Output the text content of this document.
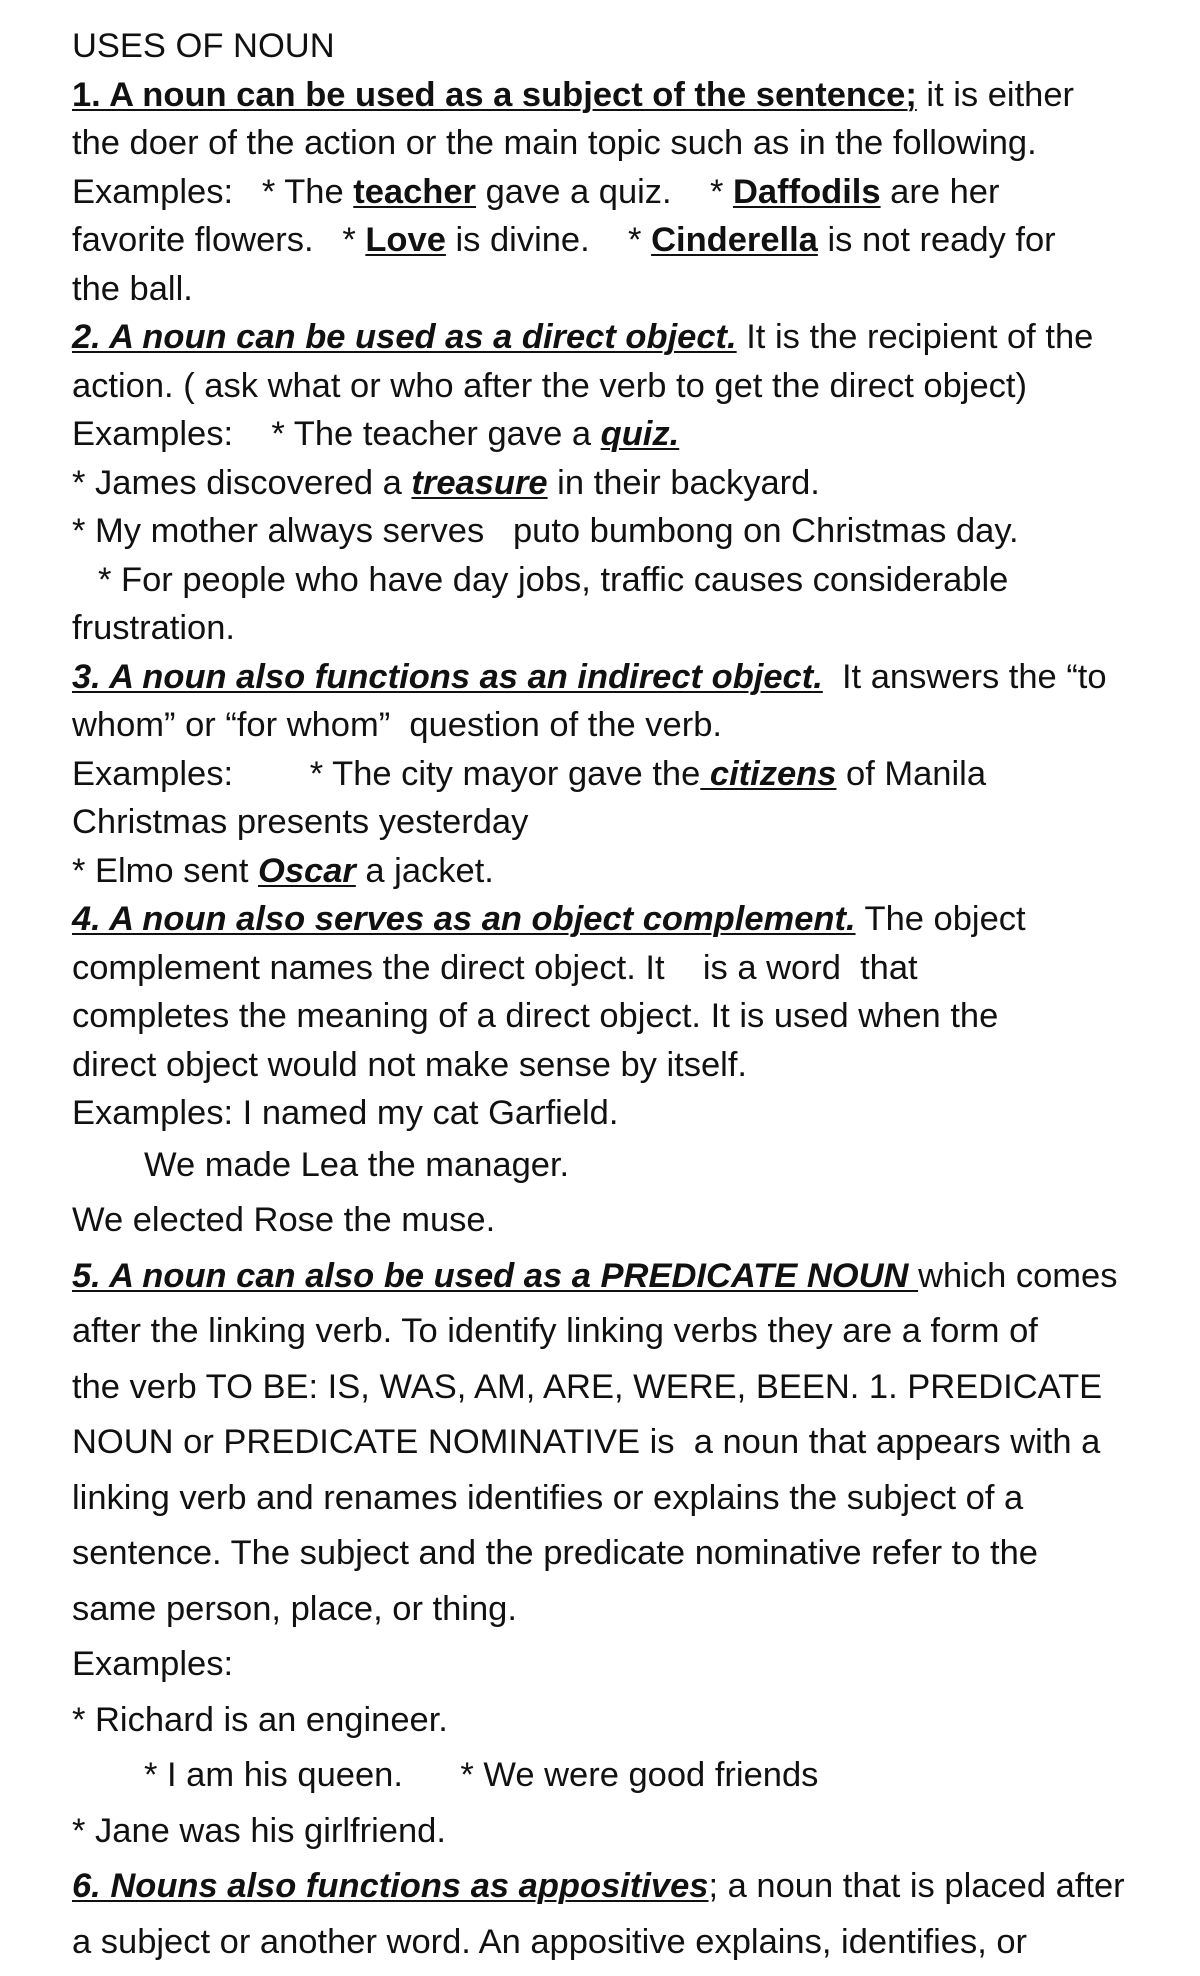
USES OF NOUN
1. A noun can be used as a subject of the sentence; it is either
the doer of the action or the main topic such as in the following.
Examples:   * The teacher gave a quiz.    * Daffodils are her
favorite flowers.   * Love is divine.    * Cinderella is not ready for
the ball.
2. A noun can be used as a direct object. It is the recipient of the
action. ( ask what or who after the verb to get the direct object)
Examples:    * The teacher gave a quiz.
* James discovered a treasure in their backyard.
* My mother always serves   puto bumbong on Christmas day.
* For people who have day jobs, traffic causes considerable
frustration.
3. A noun also functions as an indirect object.  It answers the “to
whom” or “for whom”  question of the verb.
Examples:        * The city mayor gave the citizens of Manila
Christmas presents yesterday
* Elmo sent Oscar a jacket.
4. A noun also serves as an object complement. The object
complement names the direct object. It    is a word  that
completes the meaning of a direct object. It is used when the
direct object would not make sense by itself.
Examples: I named my cat Garfield.
We made Lea the manager.
We elected Rose the muse.
5. A noun can also be used as a PREDICATE NOUN which comes
after the linking verb. To identify linking verbs they are a form of
the verb TO BE: IS, WAS, AM, ARE, WERE, BEEN. 1. PREDICATE
NOUN or PREDICATE NOMINATIVE is  a noun that appears with a
linking verb and renames identifies or explains the subject of a
sentence. The subject and the predicate nominative refer to the
same person, place, or thing.
Examples:
* Richard is an engineer.
* I am his queen.      * We were good friends
* Jane was his girlfriend.
6. Nouns also functions as appositives; a noun that is placed after
a subject or another word. An appositive explains, identifies, or
